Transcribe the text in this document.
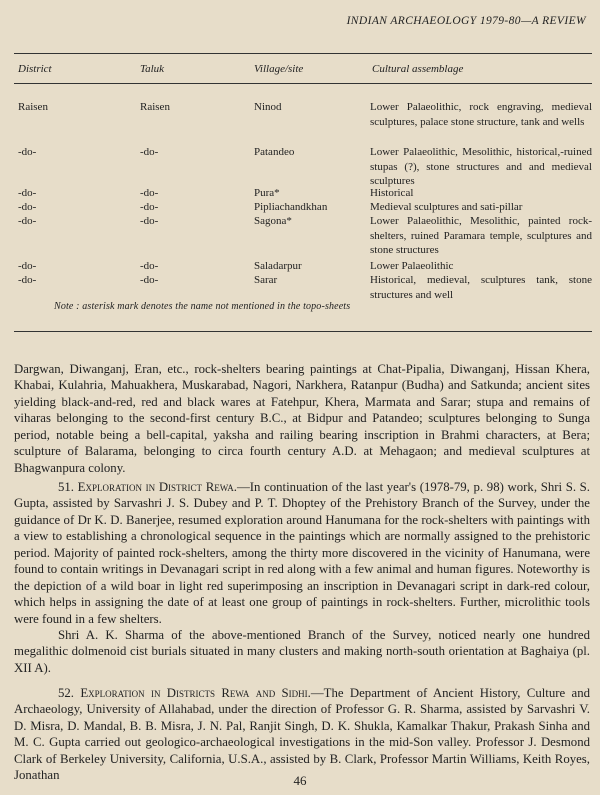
INDIAN ARCHAEOLOGY 1979-80—A REVIEW
District	Taluk	Village/site	Cultural assemblage
Raisen	Raisen	Ninod	Lower Palaeolithic, rock engraving, medieval sculptures, palace stone structure, tank and wells
-do-	-do-	Patandeo	Lower Palaeolithic, Mesolithic, historical,-ruined stupas (?), stone structures and and medieval sculptures
-do-	-do-	Pura*	Historical
-do-	-do-	Pipliachandkhan	Medieval sculptures and sati-pillar
-do-	-do-	Sagona*	Lower Palaeolithic, Mesolithic, painted rock-shelters, ruined Paramara temple, sculptures and stone structures
-do-	-do-	Saladarpur	Lower Palaeolithic
-do-	-do-	Sarar	Historical, medieval, sculptures tank, stone structures and well
Note : asterisk mark denotes the name not mentioned in the topo-sheets

Dargwan, Diwanganj, Eran, etc., rock-shelters bearing paintings at Chat-Pipalia, Diwanganj, Hissan Khera, Khabai, Kulahria, Mahuakhera, Muskarabad, Nagori, Narkhera, Ratanpur (Budha) and Satkunda; ancient sites yielding black-and-red, red and black wares at Fatehpur, Khera, Marmata and Sarar; stupa and remains of viharas belonging to the second-first century B.C., at Bidpur and Patandeo; sculptures belonging to Sunga period, notable being a bell-capital, yaksha and railing bearing inscription in Brahmi characters, at Bera; sculpture of Balarama, belonging to circa fourth century A.D. at Mehagaon; and medieval sculptures at Bhagwanpura colony.

51. Exploration in District Rewa.—In continuation of the last year's (1978-79, p. 98) work, Shri S. S. Gupta, assisted by Sarvashri J. S. Dubey and P. T. Dhoptey of the Prehistory Branch of the Survey, under the guidance of Dr K. D. Banerjee, resumed exploration around Hanumana for the rock-shelters with paintings with a view to establishing a chronological sequence in the paintings which are normally assigned to the prehistoric period. Majority of painted rock-shelters, among the thirty more discovered in the vicinity of Hanumana, were found to contain writings in Devanagari script in red along with a few animal and human figures. Noteworthy is the depiction of a wild boar in light red superimposing an inscription in Devanagari script in dark-red colour, which helps in assigning the date of at least one group of paintings in rock-shelters. Further, microlithic tools were found in a few shelters.

Shri A. K. Sharma of the above-mentioned Branch of the Survey, noticed nearly one hundred megalithic dolmenoid cist burials situated in many clusters and making north-south orientation at Baghaiya (pl. XII A).

52. Exploration in Districts Rewa and Sidhi.—The Department of Ancient History, Culture and Archaeology, University of Allahabad, under the direction of Professor G. R. Sharma, assisted by Sarvashri V. D. Misra, D. Mandal, B. B. Misra, J. N. Pal, Ranjit Singh, D. K. Shukla, Kamalkar Thakur, Prakash Sinha and M. C. Gupta carried out geologico-archaeological investigations in the mid-Son valley. Professor J. Desmond Clark of Berkeley University, California, U.S.A., assisted by B. Clark, Professor Martin Williams, Keith Royes, Jonathan	46
